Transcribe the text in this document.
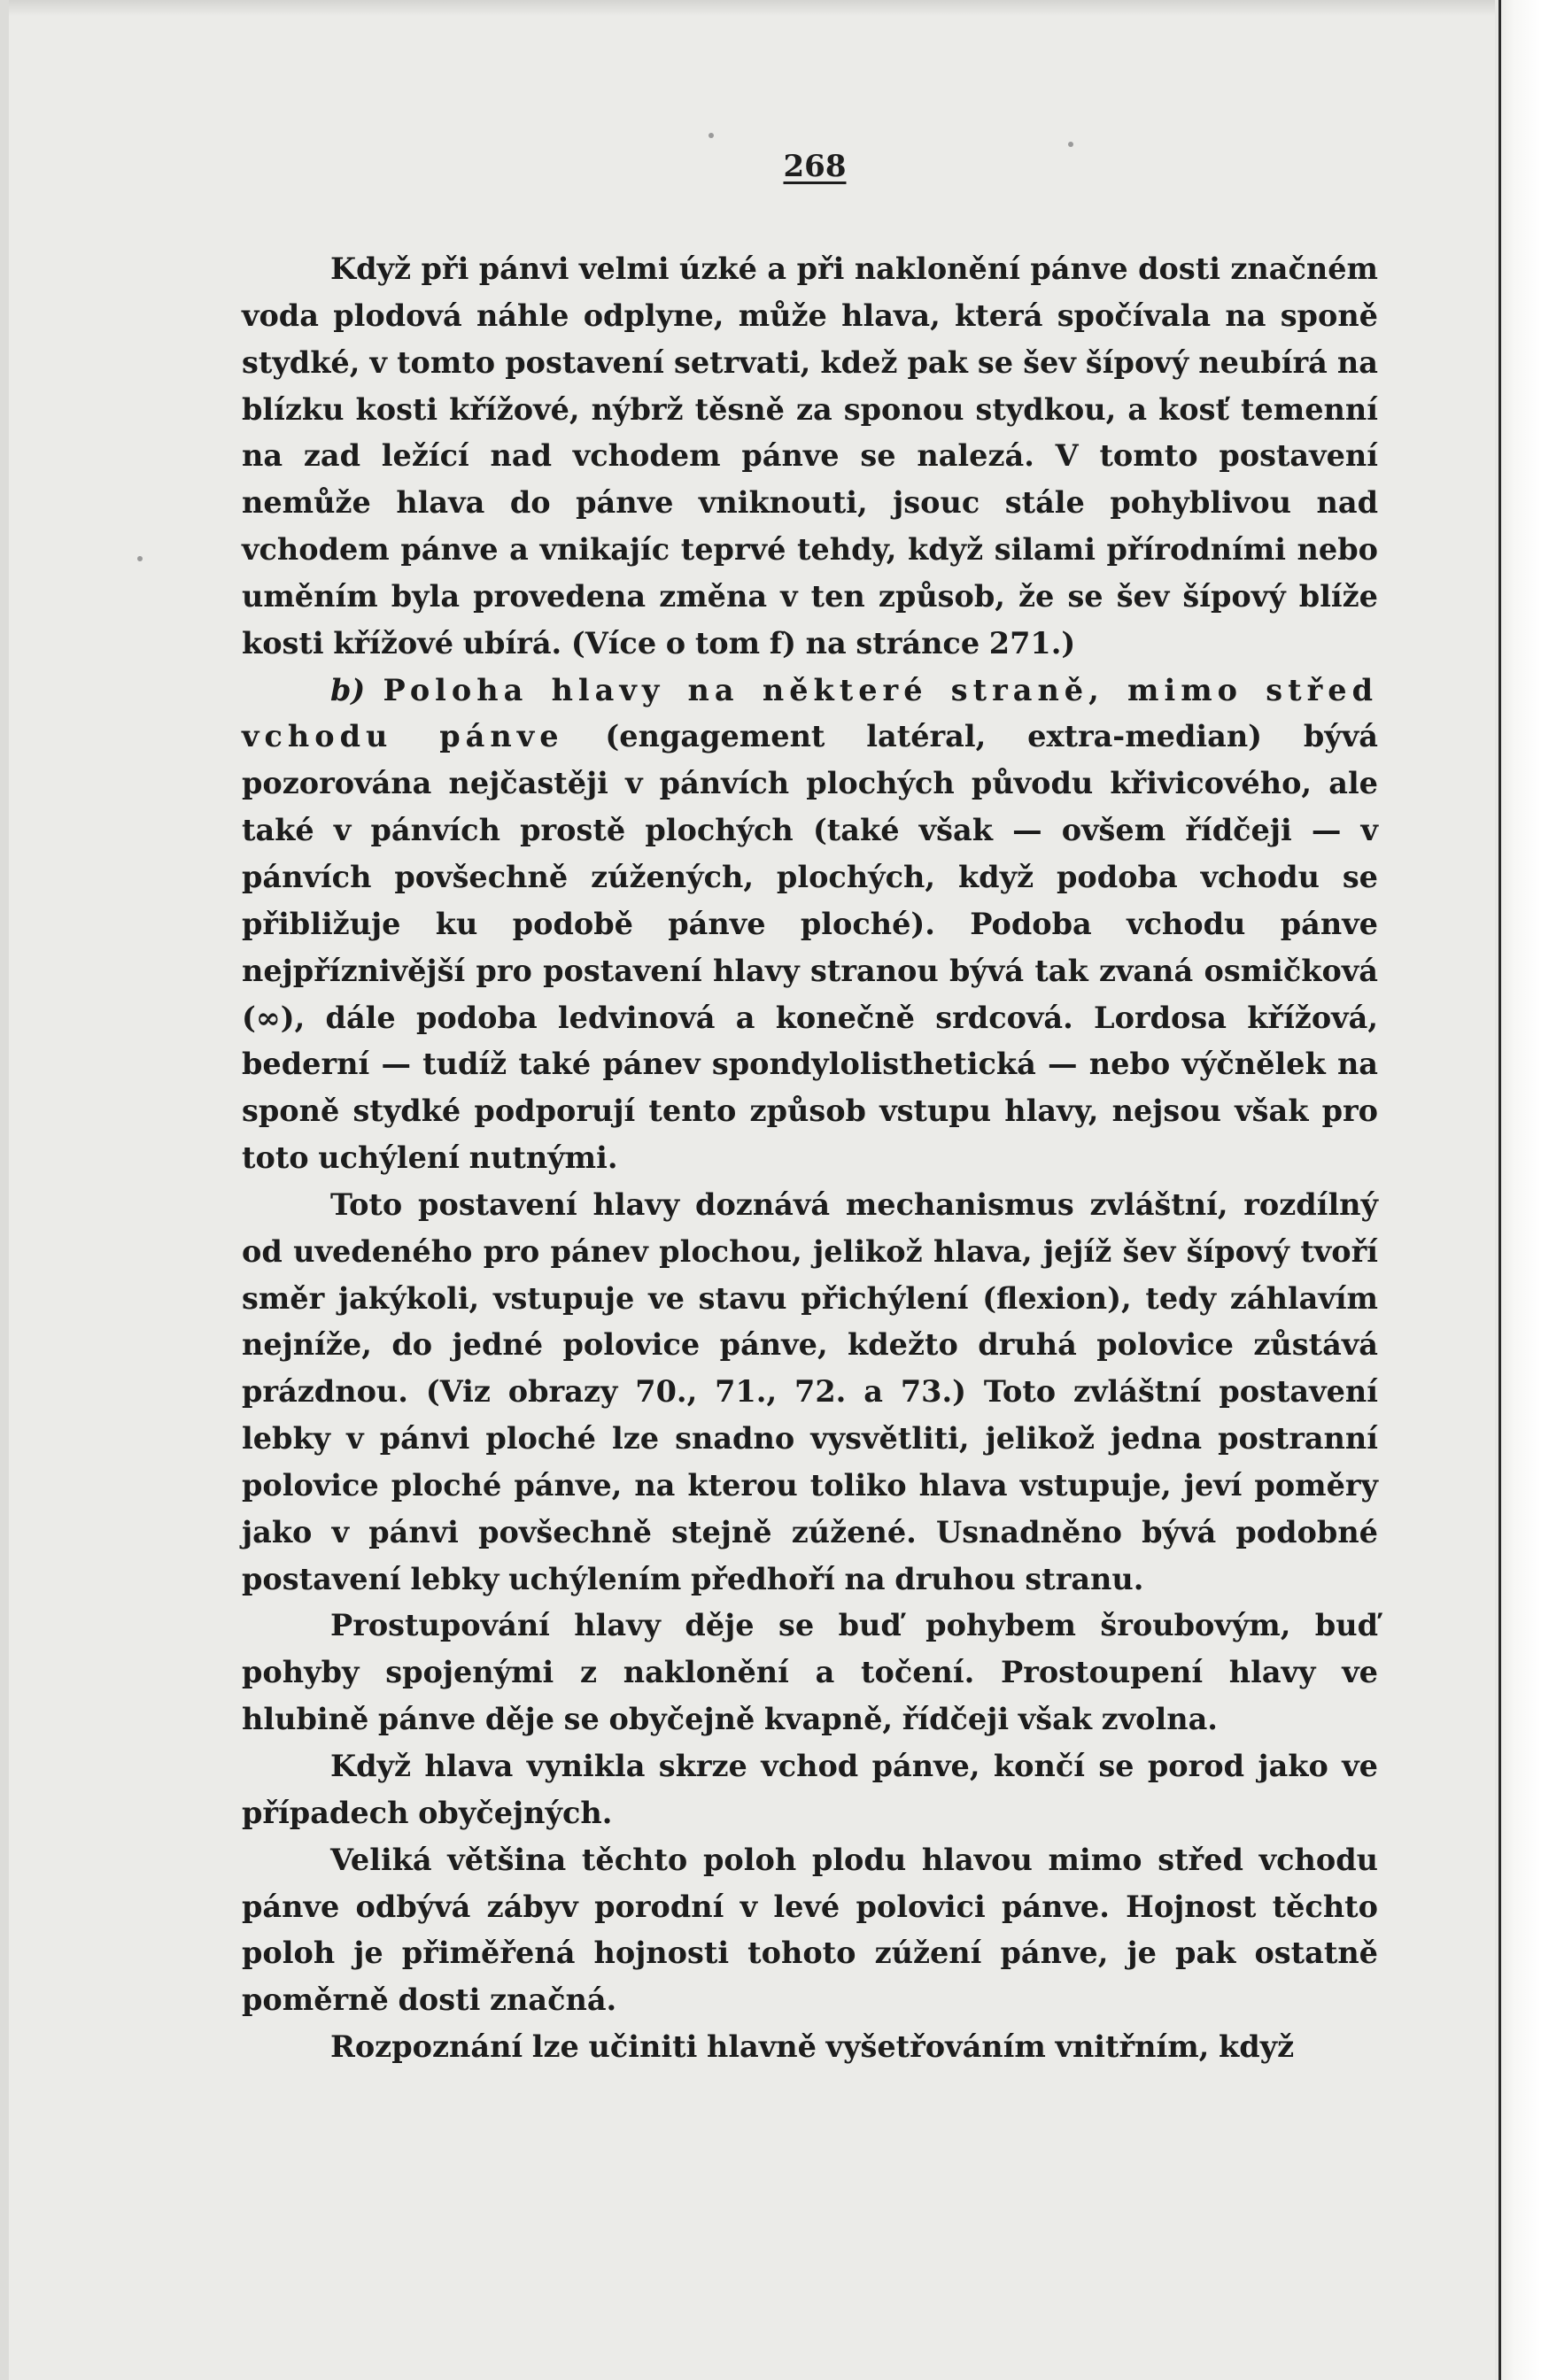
268

Když při pánvi velmi úzké a při naklonění pánve dosti značném voda plodová náhle odplyne, může hlava, která spočívala na sponě stydké, v tomto postavení setrvati, kdež pak se šev šípový neubírá na blízku kosti křížové, nýbrž těsně za sponou stydkou, a kosť temenní na zad ležící nad vchodem pánve se nalezá. V tomto postavení nemůže hlava do pánve vniknouti, jsouc stále pohyblivou nad vchodem pánve a vnikajíc teprvé tehdy, když silami přírodními nebo uměním byla provedena změna v ten způsob, že se šev šípový blíže kosti křížové ubírá. (Více o tom f) na stránce 271.)

b) Poloha hlavy na některé straně, mimo střed vchodu pánve (engagement latéral, extra-median) bývá pozorována nejčastěji v pánvích plochých původu křivicového, ale také v pánvích prostě plochých (také však — ovšem řídčeji — v pánvích povšechně zúžených, plochých, když podoba vchodu se přibližuje ku podobě pánve ploché). Podoba vchodu pánve nejpříznivější pro postavení hlavy stranou bývá tak zvaná osmičková (∞), dále podoba ledvinová a konečně srdcová. Lordosa křížová, bederní — tudíž také pánev spondylolisthetická — nebo výčnělek na sponě stydké podporují tento způsob vstupu hlavy, nejsou však pro toto uchýlení nutnými.

Toto postavení hlavy doznává mechanismus zvláštní, rozdílný od uvedeného pro pánev plochou, jelikož hlava, jejíž šev šípový tvoří směr jakýkoli, vstupuje ve stavu přichýlení (flexion), tedy záhlavím nejníže, do jedné polovice pánve, kdežto druhá polovice zůstává prázdnou. (Viz obrazy 70., 71., 72. a 73.) Toto zvláštní postavení lebky v pánvi ploché lze snadno vysvětliti, jelikož jedna postranní polovice ploché pánve, na kterou toliko hlava vstupuje, jeví poměry jako v pánvi povšechně stejně zúžené. Usnadněno bývá podobné postavení lebky uchýlením předhoří na druhou stranu.

Prostupování hlavy děje se buď pohybem šroubovým, buď pohyby spojenými z naklonění a točení. Prostoupení hlavy ve hlubině pánve děje se obyčejně kvapně, řídčeji však zvolna.

Když hlava vynikla skrze vchod pánve, končí se porod jako ve případech obyčejných.

Veliká většina těchto poloh plodu hlavou mimo střed vchodu pánve odbývá zábyv porodní v levé polovici pánve. Hojnost těchto poloh je přiměřená hojnosti tohoto zúžení pánve, je pak ostatně poměrně dosti značná.

Rozpoznání lze učiniti hlavně vyšetřováním vnitřním, když
